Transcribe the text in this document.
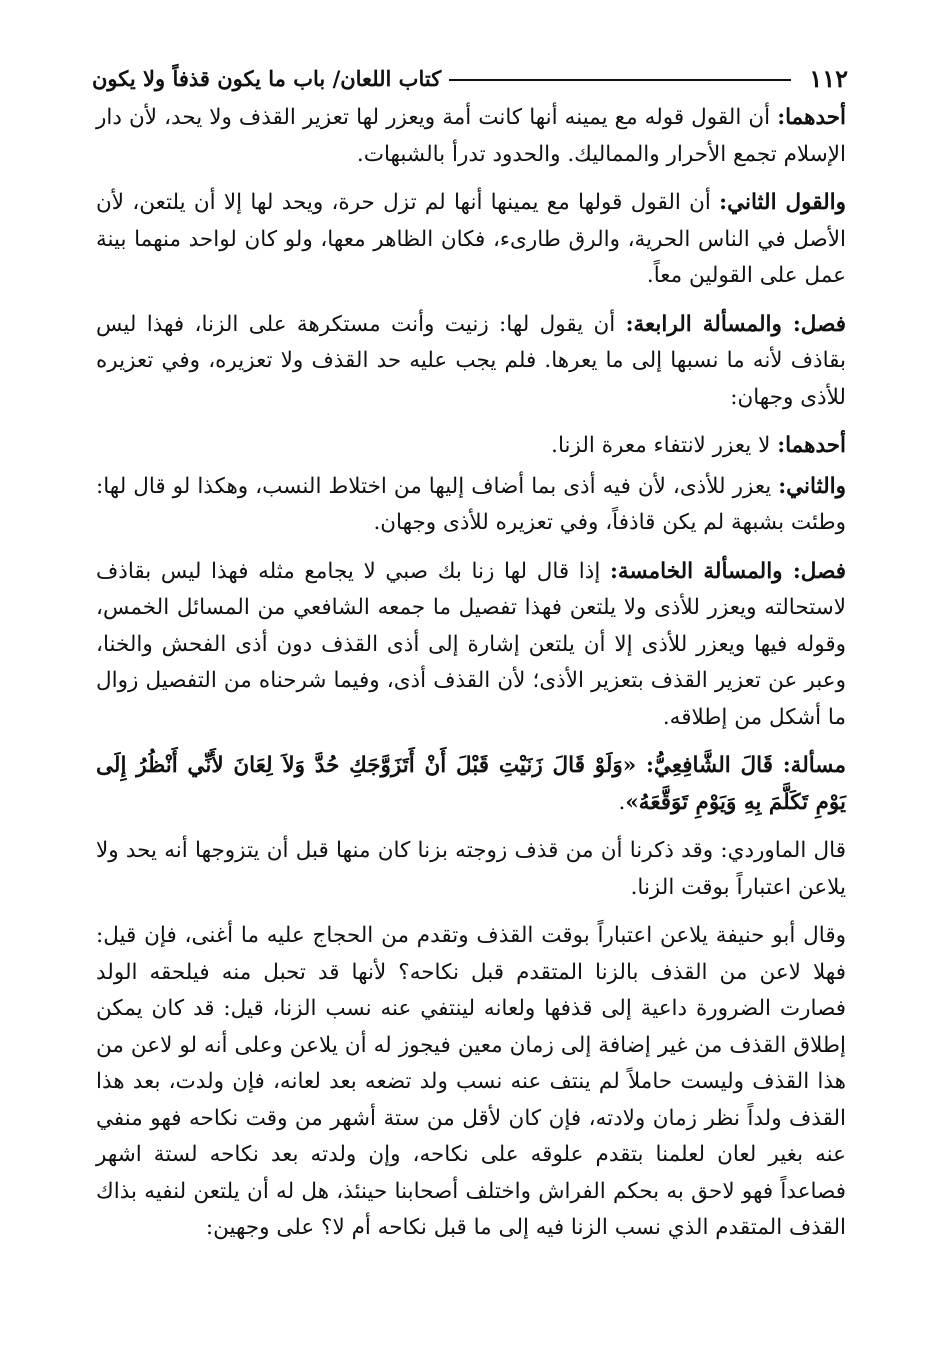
١١٢
كتاب اللعان/ باب ما يكون قذفاً ولا يكون

أحدهما: أن القول قوله مع يمينه أنها كانت أمة ويعزر لها تعزير القذف ولا يحد، لأن دار الإسلام تجمع الأحرار والمماليك. والحدود تدرأ بالشبهات.

والقول الثاني: أن القول قولها مع يمينها أنها لم تزل حرة، ويحد لها إلا أن يلتعن، لأن الأصل في الناس الحرية، والرق طارىء، فكان الظاهر معها، ولو كان لواحد منهما بينة عمل على القولين معاً.

فصل: والمسألة الرابعة: أن يقول لها: زنيت وأنت مستكرهة على الزنا، فهذا ليس بقاذف لأنه ما نسبها إلى ما يعرها. فلم يجب عليه حد القذف ولا تعزيره، وفي تعزيره للأذى وجهان:

أحدهما: لا يعزر لانتفاء معرة الزنا.

والثاني: يعزر للأذى، لأن فيه أذى بما أضاف إليها من اختلاط النسب، وهكذا لو قال لها: وطئت بشبهة لم يكن قاذفاً، وفي تعزيره للأذى وجهان.

فصل: والمسألة الخامسة: إذا قال لها زنا بك صبي لا يجامع مثله فهذا ليس بقاذف لاستحالته ويعزر للأذى ولا يلتعن فهذا تفصيل ما جمعه الشافعي من المسائل الخمس، وقوله فيها ويعزر للأذى إلا أن يلتعن إشارة إلى أذى القذف دون أذى الفحش والخنا، وعبر عن تعزير القذف بتعزير الأذى؛ لأن القذف أذى، وفيما شرحناه من التفصيل زوال ما أشكل من إطلاقه.

مسألة: قَالَ الشَّافِعِيُّ: «وَلَوْ قَالَ زَنَيْتِ قَبْلَ أَنْ أَتَزَوَّجَكِ حُدَّ وَلاَ لِعَانَ لأَنِّي أَنْظُرُ إِلَى يَوْمِ تَكَلَّمَ بِهِ وَيَوْمِ تَوَقَّعَهُ».

قال الماوردي: وقد ذكرنا أن من قذف زوجته بزنا كان منها قبل أن يتزوجها أنه يحد ولا يلاعن اعتباراً بوقت الزنا.

وقال أبو حنيفة يلاعن اعتباراً بوقت القذف وتقدم من الحجاج عليه ما أغنى، فإن قيل: فهلا لاعن من القذف بالزنا المتقدم قبل نكاحه؟ لأنها قد تحبل منه فيلحقه الولد فصارت الضرورة داعية إلى قذفها ولعانه لينتفي عنه نسب الزنا، قيل: قد كان يمكن إطلاق القذف من غير إضافة إلى زمان معين فيجوز له أن يلاعن وعلى أنه لو لاعن من هذا القذف وليست حاملاً لم ينتف عنه نسب ولد تضعه بعد لعانه، فإن ولدت، بعد هذا القذف ولداً نظر زمان ولادته، فإن كان لأقل من ستة أشهر من وقت نكاحه فهو منفي عنه بغير لعان لعلمنا بتقدم علوقه على نكاحه، وإن ولدته بعد نكاحه لستة اشهر فصاعداً فهو لاحق به بحكم الفراش واختلف أصحابنا حينئذ، هل له أن يلتعن لنفيه بذاك القذف المتقدم الذي نسب الزنا فيه إلى ما قبل نكاحه أم لا؟ على وجهين:
